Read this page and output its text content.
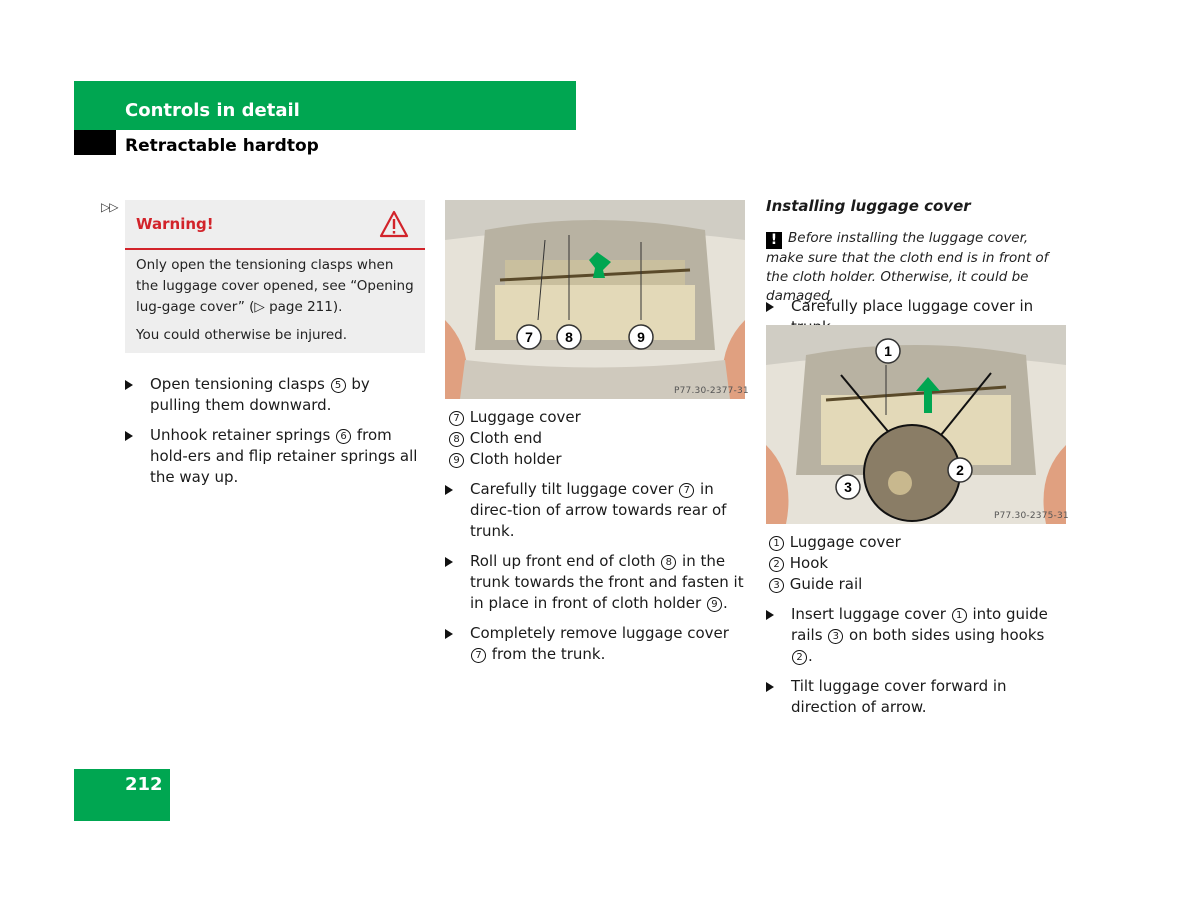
Controls in detail
Retractable hardtop
▷▷
Warning!
Only open the tensioning clasps when the luggage cover opened, see “Opening lug-gage cover” (▷ page 211).
You could otherwise be injured.
Open tensioning clasps 5 by pulling them downward.
Unhook retainer springs 6 from hold-ers and flip retainer springs all the way up.
7 8	9
P77.30-2377-31
7 Luggage cover
8 Cloth end
9 Cloth holder
Carefully tilt luggage cover 7 in direc-tion of arrow towards rear of trunk.
Roll up front end of cloth 8 in the trunk towards the front and fasten it in place in front of cloth holder 9 .
Completely remove luggage cover 7 from the trunk.
Installing luggage cover
! Before installing the luggage cover, make sure that the cloth end is in front of the cloth holder. Otherwise, it could be damaged.
Carefully place luggage cover in
1
2
3
P77.30-2375-31
1 Luggage cover
2 Hook
3 Guide rail
Insert luggage cover 1 into guide rails 3 on both sides using hooks 2 .
Tilt luggage cover forward in direction of arrow.
212
